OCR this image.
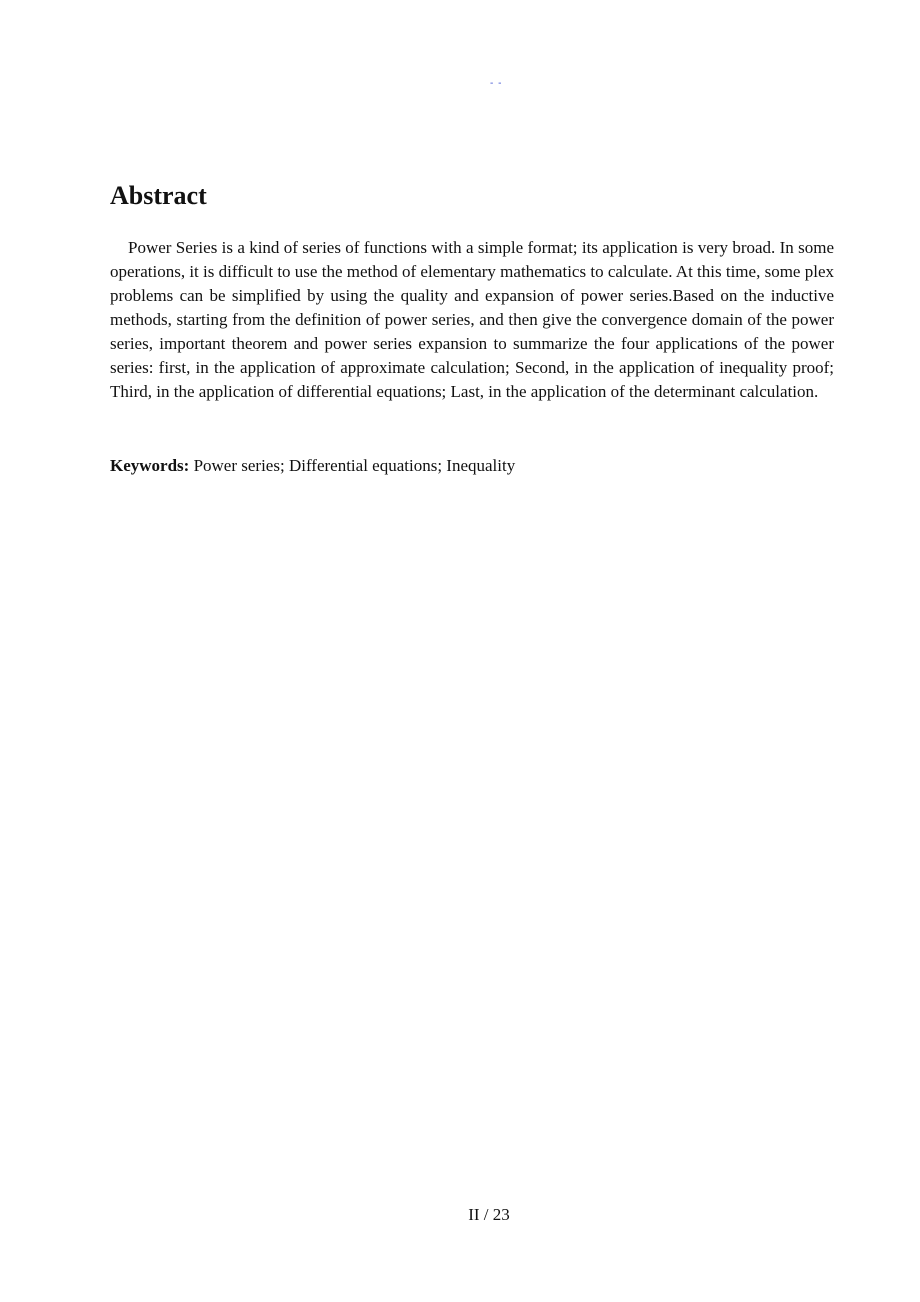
- -
Abstract

Power Series is a kind of series of functions with a simple format; its application is very broad. In some operations, it is difficult to use the method of elementary mathematics to calculate. At this time, some plex problems can be simplified by using the quality and expansion of power series.Based on the inductive methods, starting from the definition of power series, and then give the convergence domain of the power series, important theorem and power series expansion to summarize the four applications of the power series: first, in the application of approximate calculation; Second, in the application of inequality proof; Third, in the application of differential equations; Last, in the application of the determinant calculation.

Keywords: Power series; Differential equations; Inequality

II / 23
